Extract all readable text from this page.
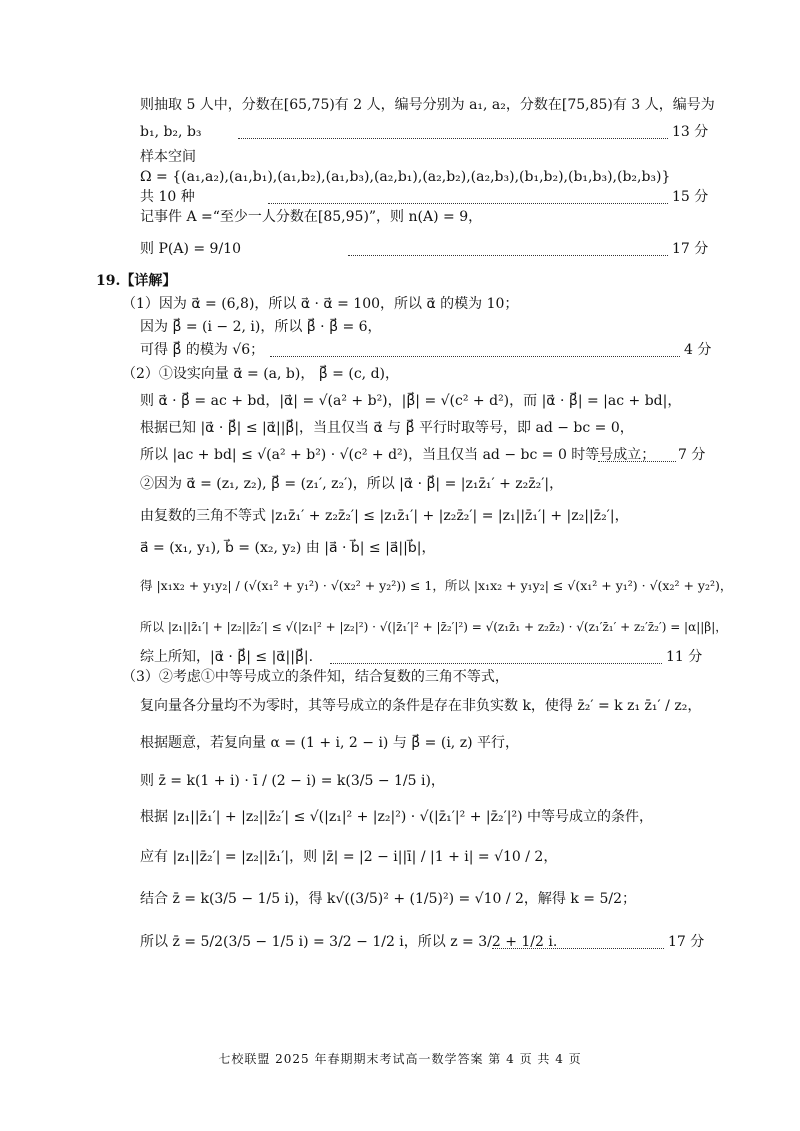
则抽取 5 人中，分数在[65,75)有 2 人，编号分别为 a₁, a₂，分数在[75,85)有 3 人，编号为
b₁, b₂, b₃	13 分
样本空间
Ω = {(a₁,a₂),(a₁,b₁),(a₁,b₂),(a₁,b₃),(a₂,b₁),(a₂,b₂),(a₂,b₃),(b₁,b₂),(b₁,b₃),(b₂,b₃)}
共 10 种	15 分
记事件 A =“至少一人分数在[85,95)”，则 n(A) = 9，
则 P(A) = 9/10	17 分
19.【详解】
（1）因为 α⃗ = (6,8)，所以 α⃗ · α⃗ = 100，所以 α⃗ 的模为 10；
因为 β⃗ = (i − 2, i)，所以 β⃗ · β⃗ = 6，
可得 β⃗ 的模为 √6；	4 分
（2）①设实向量 α⃗ = (a, b)， β⃗ = (c, d)，
则 α⃗ · β⃗ = ac + bd，|α⃗| = √(a² + b²)，|β⃗| = √(c² + d²)，而 |α⃗ · β⃗| = |ac + bd|，
根据已知 |α⃗ · β⃗| ≤ |α⃗||β⃗|，当且仅当 α⃗ 与 β⃗ 平行时取等号，即 ad − bc = 0，
所以 |ac + bd| ≤ √(a² + b²) · √(c² + d²)，当且仅当 ad − bc = 0 时等号成立； 7 分
②因为 α⃗ = (z₁, z₂), β⃗ = (z₁′, z₂′)，所以 |α⃗ · β⃗| = |z₁z̄₁′ + z₂z̄₂′|，
由复数的三角不等式 |z₁z̄₁′ + z₂z̄₂′| ≤ |z₁z̄₁′| + |z₂z̄₂′| = |z₁||z̄₁′| + |z₂||z̄₂′|，
a⃗ = (x₁, y₁), b⃗ = (x₂, y₂) 由 |a⃗ · b⃗| ≤ |a⃗||b⃗|，
得 |x₁x₂ + y₁y₂| / (√(x₁² + y₁²) · √(x₂² + y₂²)) ≤ 1，所以 |x₁x₂ + y₁y₂| ≤ √(x₁² + y₁²) · √(x₂² + y₂²)，
所以 |z₁||z̄₁′| + |z₂||z̄₂′| ≤ √(|z₁|² + |z₂|²) · √(|z̄₁′|² + |z̄₂′|²) = √(z₁z̄₁ + z₂z̄₂) · √(z₁′z̄₁′ + z₂′z̄₂′) = |α||β|，
综上所知，|α⃗ · β⃗| ≤ |α⃗||β⃗|.	11 分
（3）②考虑①中等号成立的条件知，结合复数的三角不等式，
复向量各分量均不为零时，其等号成立的条件是存在非负实数 k，使得 z̄₂′ = k z₁ z̄₁′ / z₂，
根据题意，若复向量 α = (1 + i, 2 − i) 与 β⃗ = (i, z) 平行，
则 z̄ = k(1 + i) · ī / (2 − i) = k(3/5 − 1/5 i)，
根据 |z₁||z̄₁′| + |z₂||z̄₂′| ≤ √(|z₁|² + |z₂|²) · √(|z̄₁′|² + |z̄₂′|²) 中等号成立的条件，
应有 |z₁||z̄₂′| = |z₂||z̄₁′|，则 |z̄| = |2 − i||ī| / |1 + i| = √10 / 2，
结合 z̄ = k(3/5 − 1/5 i)，得 k√((3/5)² + (1/5)²) = √10 / 2，解得 k = 5/2；
所以 z̄ = 5/2(3/5 − 1/5 i) = 3/2 − 1/2 i，所以 z = 3/2 + 1/2 i.	17 分
七校联盟 2025 年春期期末考试高一数学答案 第 4 页 共 4 页
